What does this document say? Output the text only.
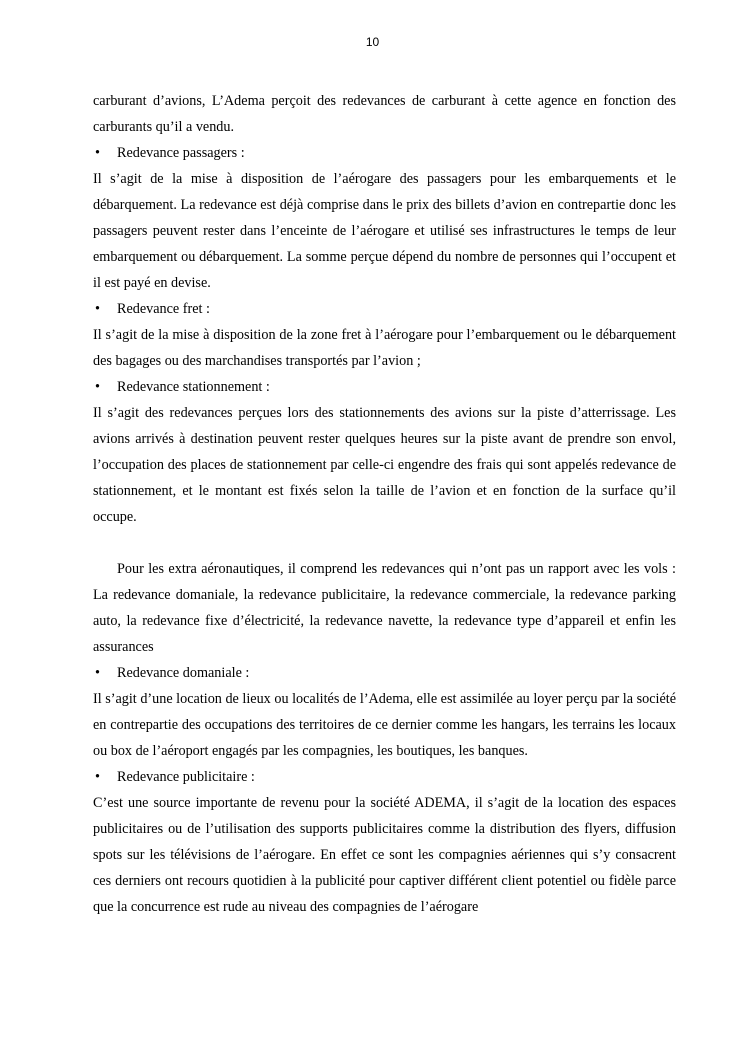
10

carburant d’avions, L’Adema perçoit des redevances de carburant à cette agence en fonction des carburants qu’il a vendu.

• Redevance passagers :

Il s’agit de la mise à disposition de l’aérogare des passagers pour les embarquements et le débarquement. La redevance est déjà comprise dans le prix des billets d’avion en contrepartie donc les passagers peuvent rester dans l’enceinte de l’aérogare et utilisé ses infrastructures le temps de leur embarquement ou débarquement. La somme perçue dépend du nombre de personnes qui l’occupent et il est payé en devise.

• Redevance fret :

Il s’agit de la mise à disposition de la zone fret à l’aérogare pour l’embarquement ou le débarquement des bagages ou des marchandises transportés par l’avion ;

• Redevance stationnement :

Il s’agit des redevances perçues lors des stationnements des avions sur la piste d’atterrissage. Les avions arrivés à destination peuvent rester quelques heures sur la piste avant de prendre son envol, l’occupation des places de stationnement par celle-ci engendre des frais qui sont appelés redevance de stationnement, et le montant est fixés selon la taille de l’avion et en fonction de la surface qu’il occupe.

Pour les extra aéronautiques, il comprend les redevances qui n’ont pas un rapport avec les vols : La redevance domaniale, la redevance publicitaire, la redevance commerciale, la redevance parking auto, la redevance fixe d’électricité, la redevance navette, la redevance type d’appareil et enfin les assurances

• Redevance domaniale :

Il s’agit d’une location de lieux ou localités de l’Adema, elle est assimilée au loyer perçu par la société en contrepartie des occupations des territoires de ce dernier comme les hangars, les terrains les locaux ou box de l’aéroport engagés par les compagnies, les boutiques, les banques.

• Redevance publicitaire :

C’est une source importante de revenu pour la société ADEMA, il s’agit de la location des espaces publicitaires ou de l’utilisation des supports publicitaires comme la distribution des flyers, diffusion spots sur les télévisions de l’aérogare. En effet ce sont les compagnies aériennes qui s’y consacrent ces derniers ont recours quotidien à la publicité pour captiver différent client potentiel ou fidèle parce que la concurrence est rude au niveau des compagnies de l’aérogare
